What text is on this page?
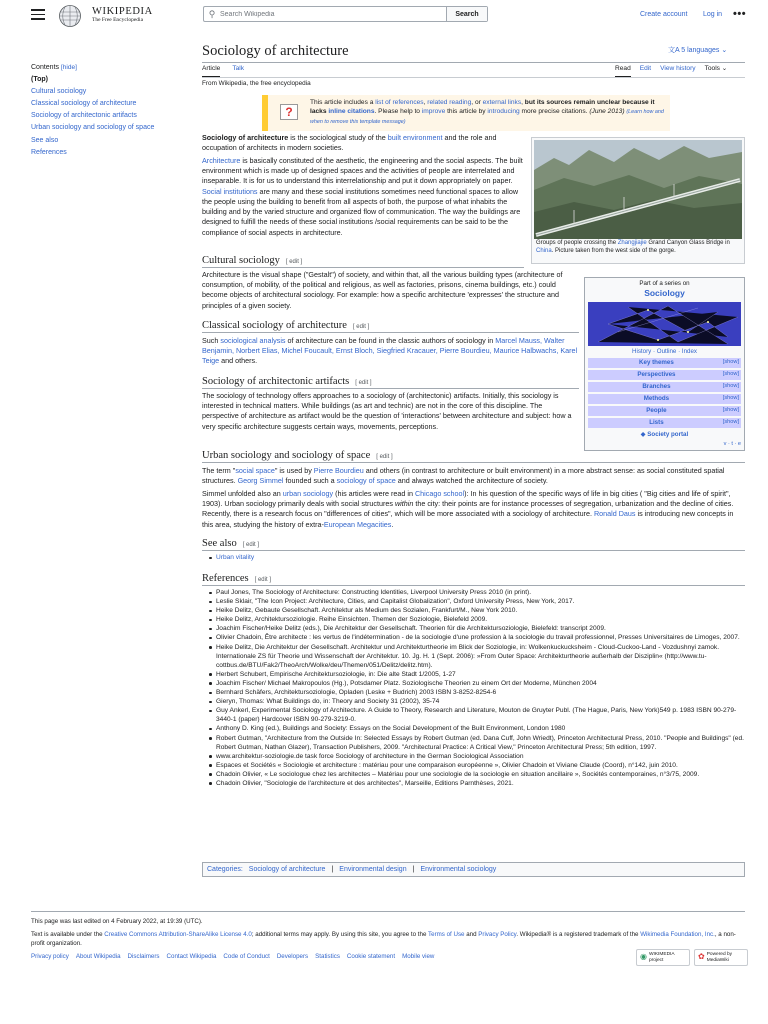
WIKIPEDIA
The Free Encyclopedia
⚲
Search Wikipedia	Search	Create account Log in •••
Sociology of architecture	文A 5 languages ⌄
Article Talk	Read Edit View history Tools ⌄
From Wikipedia, the free encyclopedia
Contents [hide]
(Top)
Cultural sociology
Classical sociology of architecture
Sociology of architectonic artifacts
Urban sociology and sociology of space
See also
References
?
This article includes a list of references, related reading, or external links, but its sources remain unclear because it lacks inline citations. Please help to improve this article by introducing more precise citations. (June 2013) (Learn how and when to remove this template message)
Sociology of architecture is the sociological study of the built environment and the role and occupation of architects in modern societies.
Architecture is basically constituted of the aesthetic, the engineering and the social aspects. The built environment which is made up of designed spaces and the activities of people are interrelated and inseparable. It is for us to understand this interrelationship and put it down appropriately on paper. Social institutions are many and these social institutions sometimes need functional spaces to allow the people using the building to benefit from all aspects of both, the purpose of what inhabits the building and by the varied structure and organized flow of communication. The way the buildings are designed to fulfill the needs of these social institutions /social requirements can be said to be the compliance of social aspects in architecture.
Groups of people crossing the Zhangjiajie Grand Canyon Glass Bridge in China. Picture taken from the west side of the gorge.
Part of a series on
Sociology
History · Outline · Index
Key themes	[show]
Perspectives	[show]
Branches	[show]
Methods	[show]
People	[show]
Lists	[show]
◆ Society portal
v · t · e
Cultural sociology [ edit ]
Architecture is the visual shape ("Gestalt") of society, and within that, all the various building types (architecture of consumption, of mobility, of the political and religious, as well as factories, prisons, cinema buildings, etc.) could become objects of architectural sociology. For example: how a specific architecture 'expresses' the structure and principles of a given society.
Classical sociology of architecture [ edit ]
Such sociological analysis of architecture can be found in the classic authors of sociology in Marcel Mauss, Walter Benjamin, Norbert Elias, Michel Foucault, Ernst Bloch, Siegfried Kracauer, Pierre Bourdieu, Maurice Halbwachs, Karel Teige and others.
Sociology of architectonic artifacts [ edit ]
The sociology of technology offers approaches to a sociology of (architectonic) artifacts. Initially, this sociology is interested in technical matters. While buildings (as art and technic) are not in the core of this discipline. The perspective of architecture as artifact would be the question of 'interactions' between architecture and subject: how a very specific architecture suggests certain ways, movements, perceptions.
Urban sociology and sociology of space [ edit ]
The term "social space" is used by Pierre Bourdieu and others (in contrast to architecture or built environment) in a more abstract sense: as social constituted spatial structures. Georg Simmel founded such a sociology of space and always watched the architecture of society.
Simmel unfolded also an urban sociology (his articles were read in Chicago school): In his question of the specific ways of life in big cities ( "Big cities and life of spirit", 1903). Urban sociology primarily deals with social structures within the city: their points are for instance processes of segregation, urbanization and the decline of cities. Recently, there is a research focus on "differences of cities", which will be more associated with a sociology of architecture. Ronald Daus is introducing new concepts in this area, studying the history of extra-European Megacities.
See also [ edit ]
Urban vitality
References [ edit ]
Paul Jones, The Sociology of Architecture: Constructing Identities, Liverpool University Press 2010 (in print).
Leslie Sklair, "The Icon Project: Architecture, Cities, and Capitalist Globalization", Oxford University Press, New York, 2017.
Heike Delitz, Gebaute Gesellschaft. Architektur als Medium des Sozialen, Frankfurt/M., New York 2010.
Heike Delitz, Architektursoziologie. Reihe Einsichten. Themen der Soziologie, Bielefeld 2009.
Joachim Fischer/Heike Delitz (eds.), Die Architektur der Gesellschaft. Theorien für die Architektursoziologie, Bielefeld: transcript 2009.
Olivier Chadoin, Être architecte : les vertus de l'indétermination - de la sociologie d'une profession à la sociologie du travail professionnel, Presses Universitaires de Limoges, 2007.
Heike Delitz, Die Architektur der Gesellschaft. Architektur und Architekturtheorie im Blick der Soziologie, in: Wolkenkuckucksheim - Cloud-Cuckoo-Land - Vozdushnyi zamok. Internationale ZS für Theorie und Wissenschaft der Architektur. 10. Jg. H. 1 (Sept. 2006): »From Outer Space: Architekturtheorie außerhalb der Disziplin« (http://www.tu-cottbus.de/BTU/Fak2/TheoArch/Wolke/deu/Themen/051/Delitz/delitz.htm).
Herbert Schubert, Empirische Architektursoziologie, in: Die alte Stadt 1/2005, 1-27
Joachim Fischer/ Michael Makropoulos (Hg.), Potsdamer Platz. Soziologische Theorien zu einem Ort der Moderne, München 2004
Bernhard Schäfers, Architektursoziologie, Opladen (Leske + Budrich) 2003 ISBN 3-8252-8254-6
Gieryn, Thomas: What Buildings do, in: Theory and Society 31 (2002), 35-74
Guy Ankerl, Experimental Sociology of Architecture. A Guide to Theory, Research and Literature, Mouton de Gruyter Publ. (The Hague, Paris, New York)549 p. 1983 ISBN 90-279-3440-1 (paper) Hardcover ISBN 90-279-3219-0.
Anthony D. King (ed.), Buildings and Society: Essays on the Social Development of the Built Environment, London 1980
Robert Gutman, "Architecture from the Outside In: Selected Essays by Robert Gutman (ed. Dana Cuff, John Wriedt), Princeton Architectural Press, 2010. "People and Buildings" (ed. Robert Gutman, Nathan Glazer), Transaction Publishers, 2009. "Architectural Practice: A Critical View," Princeton Architectural Press; 5th edition, 1997.
www.architektur-soziologie.de task force Sociology of architecture in the German Sociological Association
Espaces et Sociétés « Sociologie et architecture : matériau pour une comparaison européenne », Olivier Chadoin et Viviane Claude (Coord), n°142, juin 2010.
Chadoin Olivier, « Le sociologue chez les architectes – Matériau pour une sociologie de la sociologie en situation ancillaire », Sociétés contemporaines, n°3/75, 2009.
Chadoin Olivier, "Sociologie de l'architecture et des architectes", Marseille, Editions Parnthèses, 2021.
Categories: Sociology of architecture | Environmental design | Environmental sociology
This page was last edited on 4 February 2022, at 19:39 (UTC).
Text is available under the Creative Commons Attribution-ShareAlike License 4.0; additional terms may apply. By using this site, you agree to the Terms of Use and Privacy Policy. Wikipedia® is a registered trademark of the Wikimedia Foundation, Inc., a non-profit organization.
Privacy policy About Wikipedia Disclaimers Contact Wikipedia Code of Conduct Developers Statistics Cookie statement Mobile view	◉ WIKIMEDIA project	✿ Powered by MediaWiki
